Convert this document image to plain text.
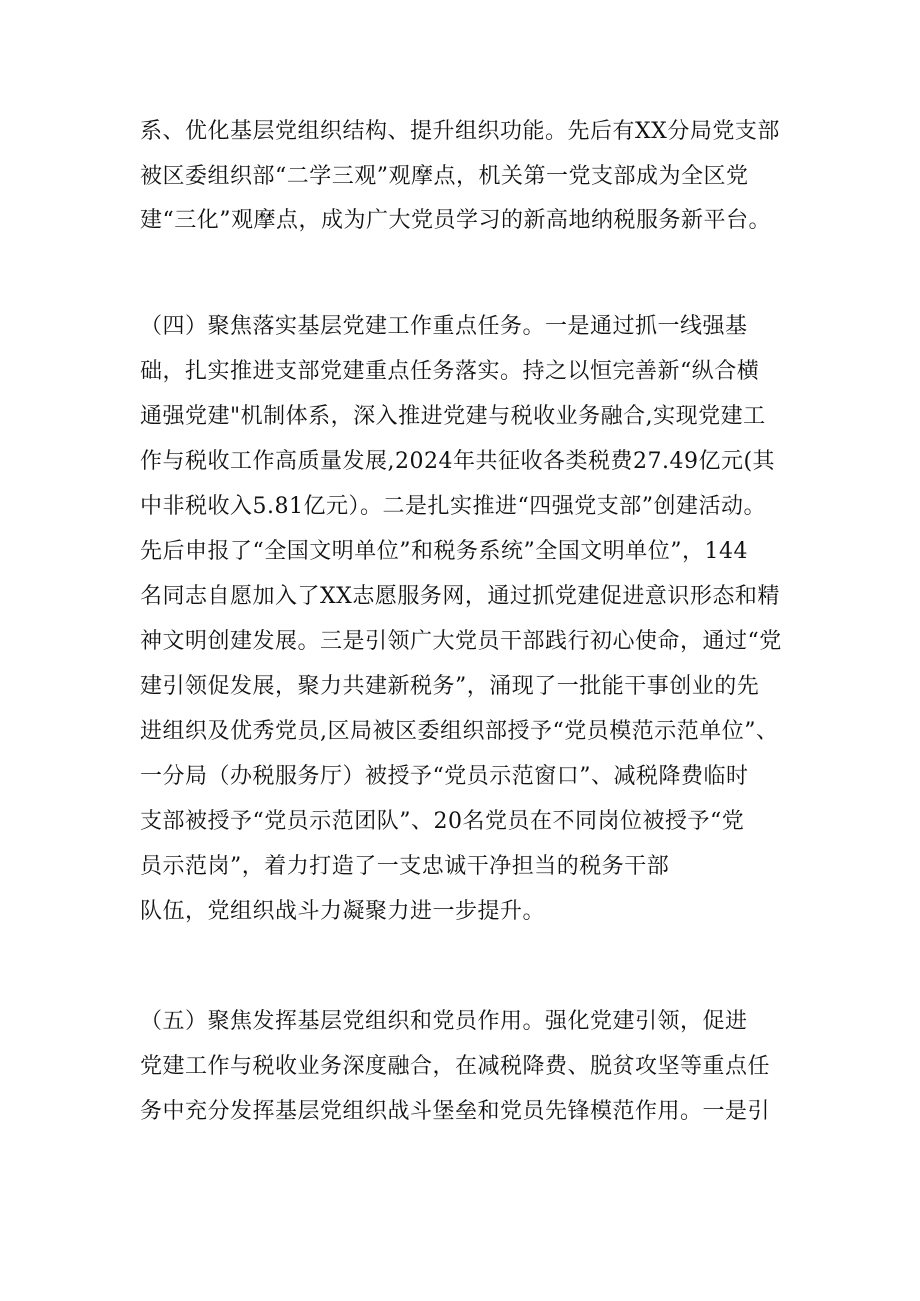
系、优化基层党组织结构、提升组织功能。先后有XX分局党支部
被区委组织部“二学三观”观摩点，机关第一党支部成为全区党
建“三化”观摩点，成为广大党员学习的新高地纳税服务新平台。
（四）聚焦落实基层党建工作重点任务。一是通过抓一线强基
础，扎实推进支部党建重点任务落实。持之以恒完善新“纵合横
通强党建"机制体系，深入推进党建与税收业务融合,实现党建工
作与税收工作高质量发展,2024年共征收各类税费27.49亿元(其
中非税收入5.81亿元）。二是扎实推进“四强党支部”创建活动。
先后申报了“全国文明单位”和税务系统”全国文明单位”，144
名同志自愿加入了XX志愿服务网，通过抓党建促进意识形态和精
神文明创建发展。三是引领广大党员干部践行初心使命，通过“党
建引领促发展，聚力共建新税务”，涌现了一批能干事创业的先
进组织及优秀党员,区局被区委组织部授予“党员模范示范单位”、
一分局（办税服务厅）被授予“党员示范窗口”、减税降费临时
支部被授予“党员示范团队”、20名党员在不同岗位被授予“党
员示范岗”，着力打造了一支忠诚干净担当的税务干部
队伍，党组织战斗力凝聚力进一步提升。
（五）聚焦发挥基层党组织和党员作用。强化党建引领，促进
党建工作与税收业务深度融合，在减税降费、脱贫攻坚等重点任
务中充分发挥基层党组织战斗堡垒和党员先锋模范作用。一是引
